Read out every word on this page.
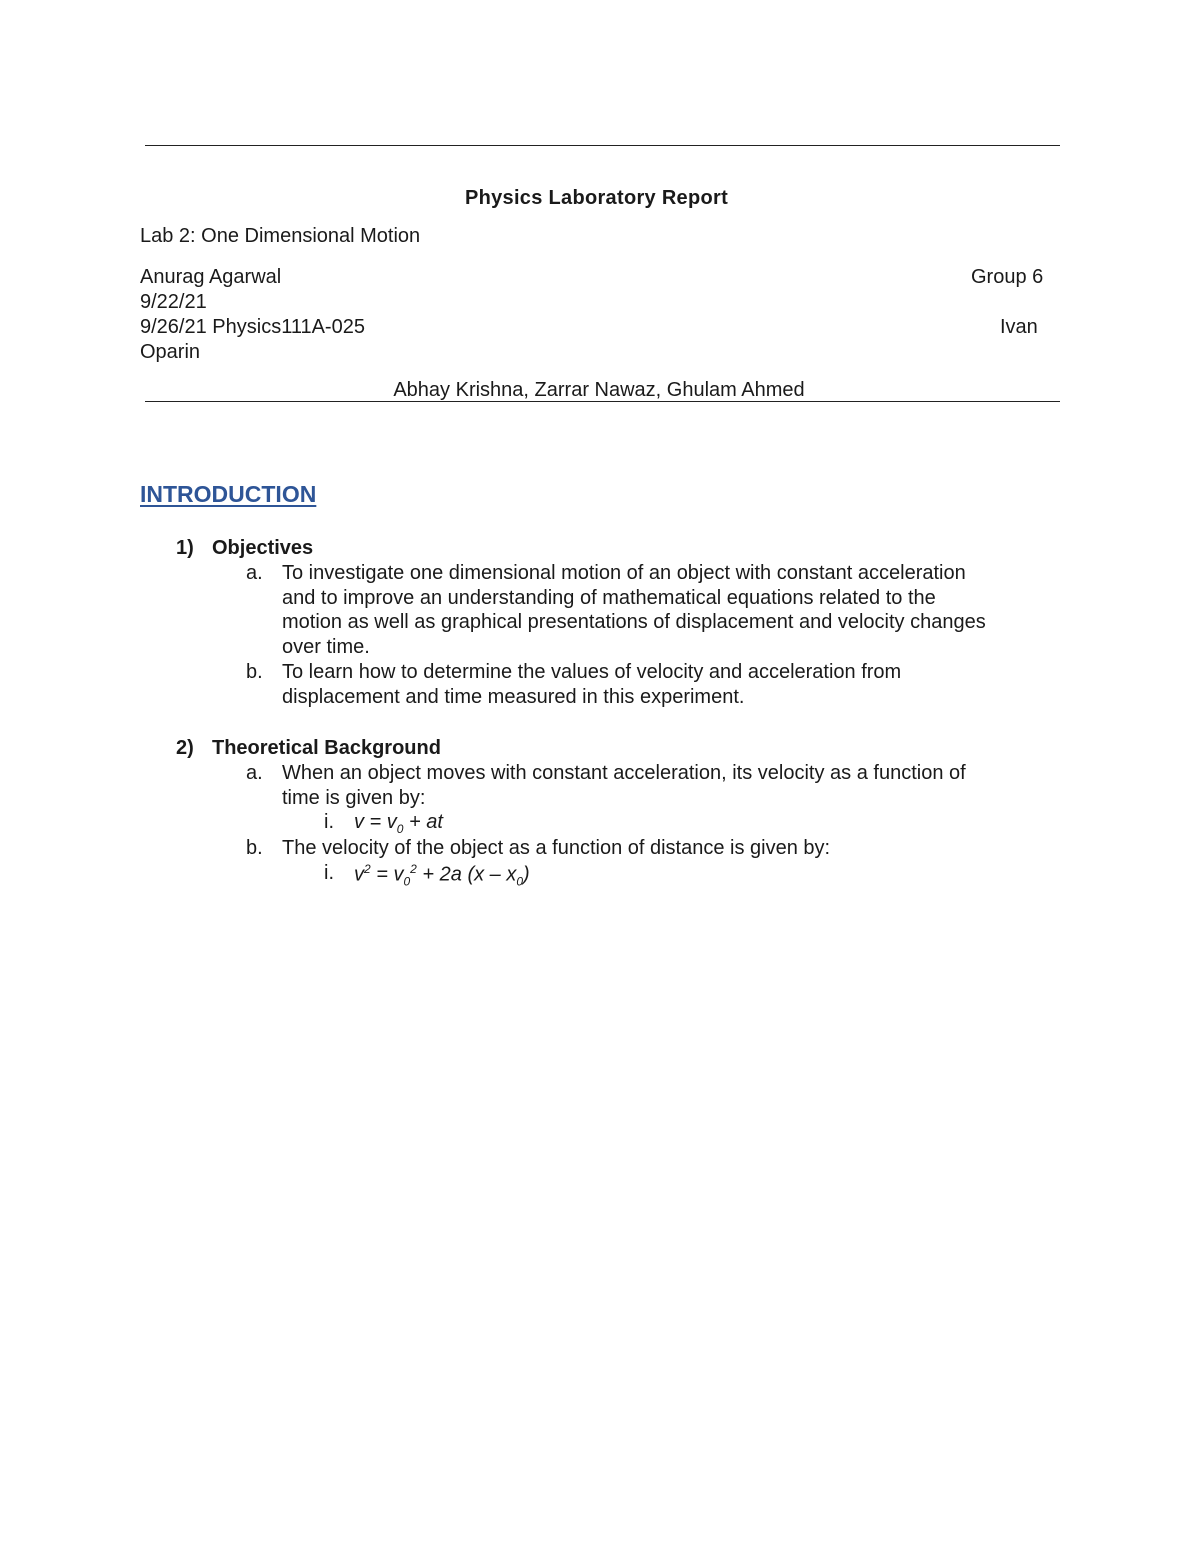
Physics Laboratory Report
Lab 2: One Dimensional Motion
Anurag Agarwal	Group 6
9/22/21
9/26/21 Physics111A-025	Ivan
Oparin
Abhay Krishna, Zarrar Nawaz, Ghulam Ahmed
INTRODUCTION
1) Objectives
a. To investigate one dimensional motion of an object with constant acceleration
and to improve an understanding of mathematical equations related to the
motion as well as graphical presentations of displacement and velocity changes
over time.
b. To learn how to determine the values of velocity and acceleration from
displacement and time measured in this experiment.
2) Theoretical Background
a. When an object moves with constant acceleration, its velocity as a function of
time is given by:
i. $v = v_0$ + at
b. The velocity of the object as a function of distance is given by:
i. $v^2 = v_0^2 + 2a$ $(x - x_0)$
